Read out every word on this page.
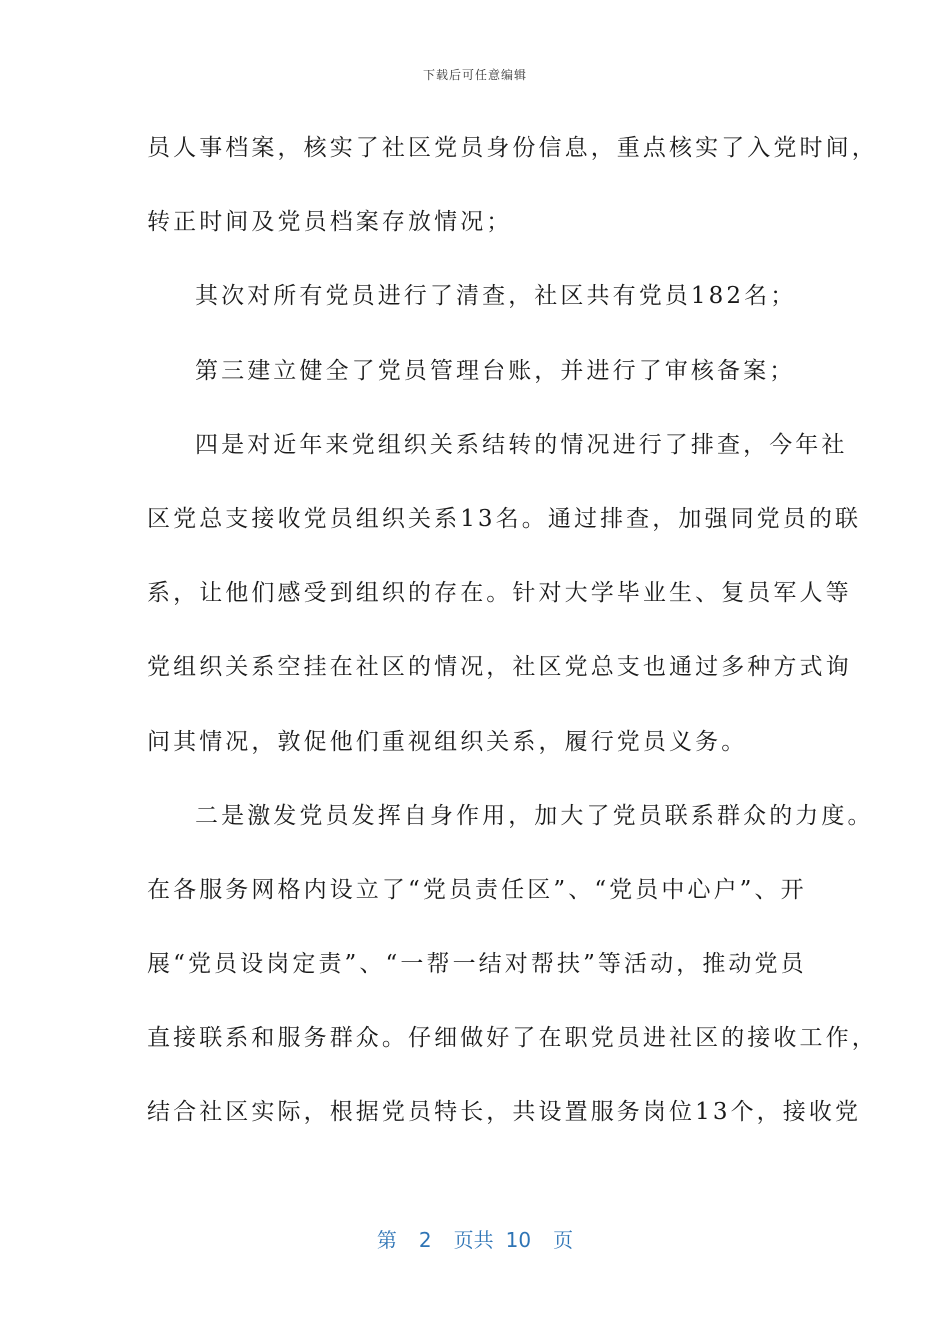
下载后可任意编辑
员人事档案，核实了社区党员身份信息，重点核实了入党时间，
转正时间及党员档案存放情况；
其次对所有党员进行了清查，社区共有党员182名；
第三建立健全了党员管理台账，并进行了审核备案；
四是对近年来党组织关系结转的情况进行了排查，今年社
区党总支接收党员组织关系13名。通过排查，加强同党员的联
系，让他们感受到组织的存在。针对大学毕业生、复员军人等
党组织关系空挂在社区的情况，社区党总支也通过多种方式询
问其情况，敦促他们重视组织关系，履行党员义务。
二是激发党员发挥自身作用，加大了党员联系群众的力度。
在各服务网格内设立了“党员责任区”、“党员中心户”、开
展“党员设岗定责”、“一帮一结对帮扶”等活动，推动党员
直接联系和服务群众。仔细做好了在职党员进社区的接收工作，
结合社区实际，根据党员特长，共设置服务岗位13个，接收党
第 2 页共 10 页
